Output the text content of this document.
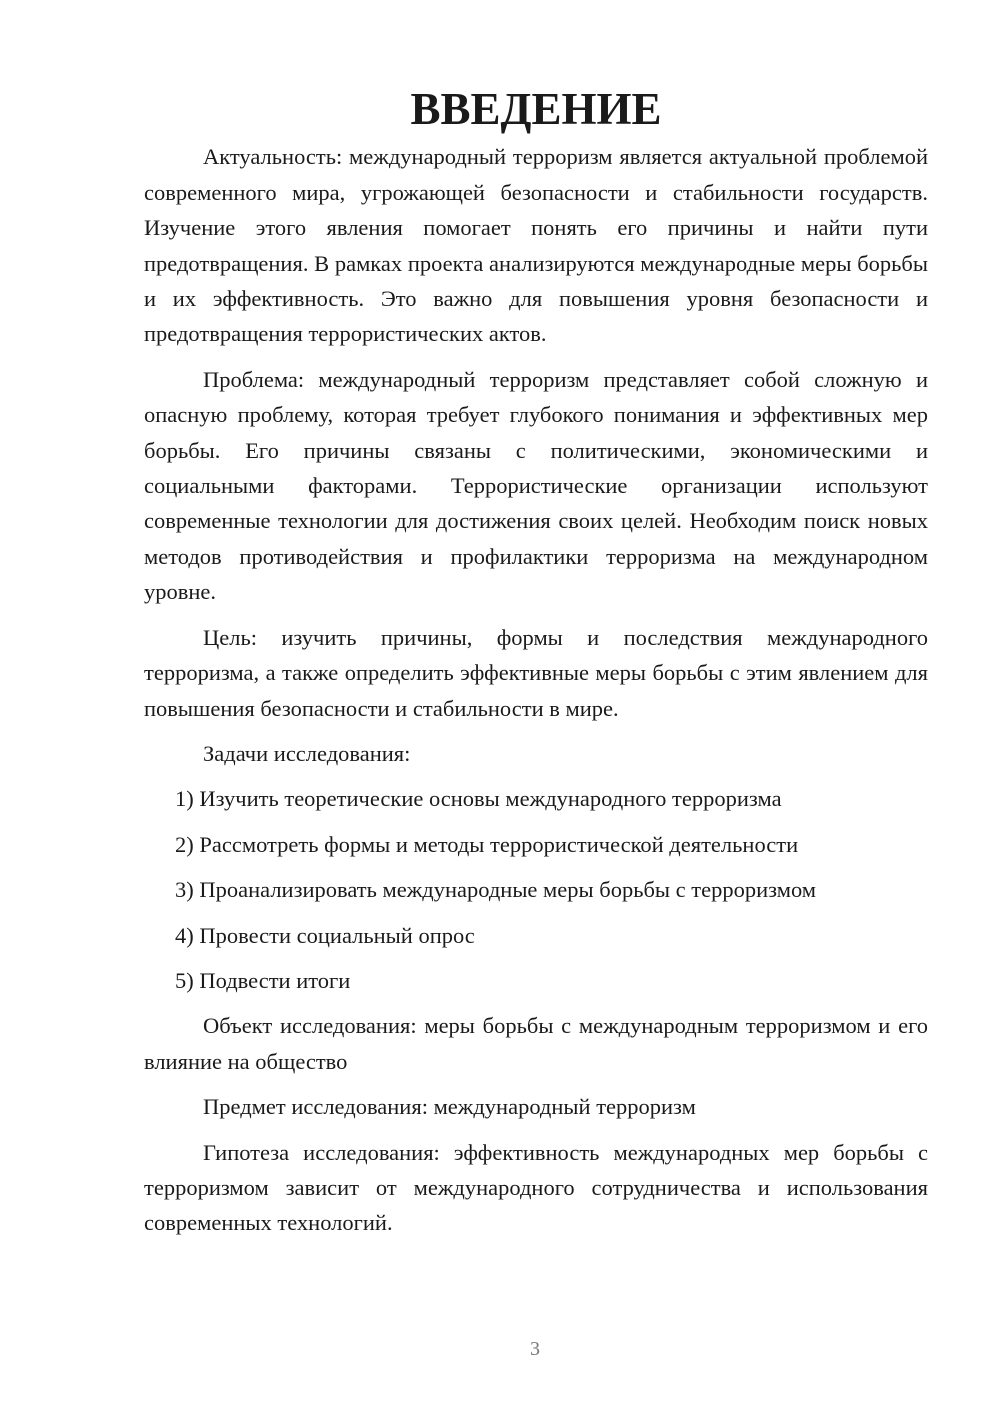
ВВЕДЕНИЕ

Актуальность: международный терроризм является актуальной проблемой современного мира, угрожающей безопасности и стабильности государств. Изучение этого явления помогает понять его причины и найти пути предотвращения. В рамках проекта анализируются международные меры борьбы и их эффективность. Это важно для повышения уровня безопасности и предотвращения террористических актов.

Проблема: международный терроризм представляет собой сложную и опасную проблему, которая требует глубокого понимания и эффективных мер борьбы. Его причины связаны с политическими, экономическими и социальными факторами. Террористические организации используют современные технологии для достижения своих целей. Необходим поиск новых методов противодействия и профилактики терроризма на международном уровне.

Цель: изучить причины, формы и последствия международного терроризма, а также определить эффективные меры борьбы с этим явлением для повышения безопасности и стабильности в мире.

Задачи исследования:

1) Изучить теоретические основы международного терроризма
2) Рассмотреть формы и методы террористической деятельности
3) Проанализировать международные меры борьбы с терроризмом
4) Провести социальный опрос
5) Подвести итоги

Объект исследования: меры борьбы с международным терроризмом и его влияние на общество

Предмет исследования: международный терроризм

Гипотеза исследования: эффективность международных мер борьбы с терроризмом зависит от международного сотрудничества и использования современных технологий.

3
